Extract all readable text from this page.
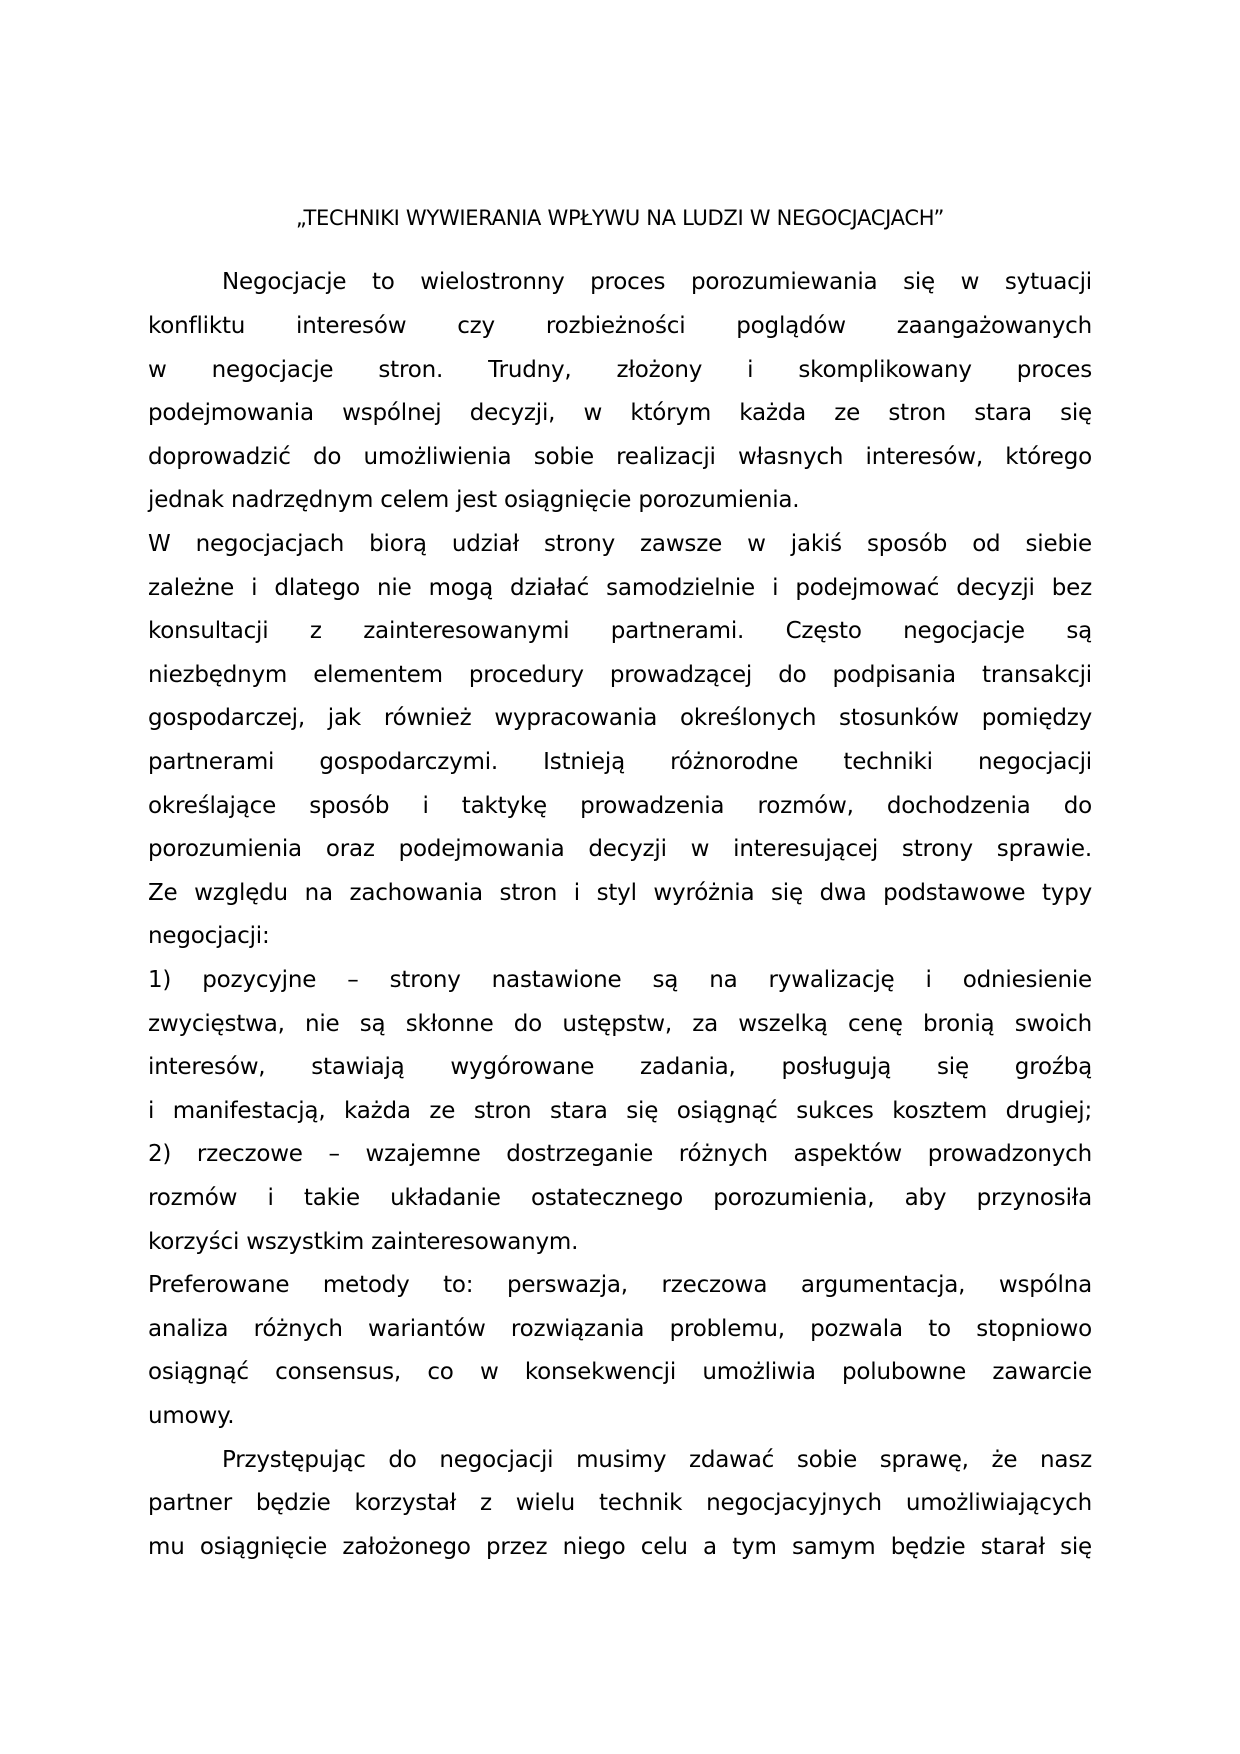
„TECHNIKI WYWIERANIA WPŁYWU NA LUDZI W NEGOCJACJACH”
Negocjacje to wielostronny proces porozumiewania się w sytuacji
konfliktu interesów czy rozbieżności poglądów zaangażowanych
w negocjacje stron. Trudny, złożony i skomplikowany proces
podejmowania wspólnej decyzji, w którym każda ze stron stara się
doprowadzić do umożliwienia sobie realizacji własnych interesów, którego
jednak nadrzędnym celem jest osiągnięcie porozumienia.
W negocjacjach biorą udział strony zawsze w jakiś sposób od siebie
zależne i dlatego nie mogą działać samodzielnie i podejmować decyzji bez
konsultacji z zainteresowanymi partnerami. Często negocjacje są
niezbędnym elementem procedury prowadzącej do podpisania transakcji
gospodarczej, jak również wypracowania określonych stosunków pomiędzy
partnerami gospodarczymi. Istnieją różnorodne techniki negocjacji
określające sposób i taktykę prowadzenia rozmów, dochodzenia do
porozumienia oraz podejmowania decyzji w interesującej strony sprawie.
Ze względu na zachowania stron i styl wyróżnia się dwa podstawowe typy
negocjacji:
1) pozycyjne – strony nastawione są na rywalizację i odniesienie
zwycięstwa, nie są skłonne do ustępstw, za wszelką cenę bronią swoich
interesów, stawiają wygórowane zadania, posługują się groźbą
i manifestacją, każda ze stron stara się osiągnąć sukces kosztem drugiej;
2) rzeczowe – wzajemne dostrzeganie różnych aspektów prowadzonych
rozmów i takie układanie ostatecznego porozumienia, aby przynosiła
korzyści wszystkim zainteresowanym.
Preferowane metody to: perswazja, rzeczowa argumentacja, wspólna
analiza różnych wariantów rozwiązania problemu, pozwala to stopniowo
osiągnąć consensus, co w konsekwencji umożliwia polubowne zawarcie
umowy.
Przystępując do negocjacji musimy zdawać sobie sprawę, że nasz
partner będzie korzystał z wielu technik negocjacyjnych umożliwiających
mu osiągnięcie założonego przez niego celu a tym samym będzie starał się
